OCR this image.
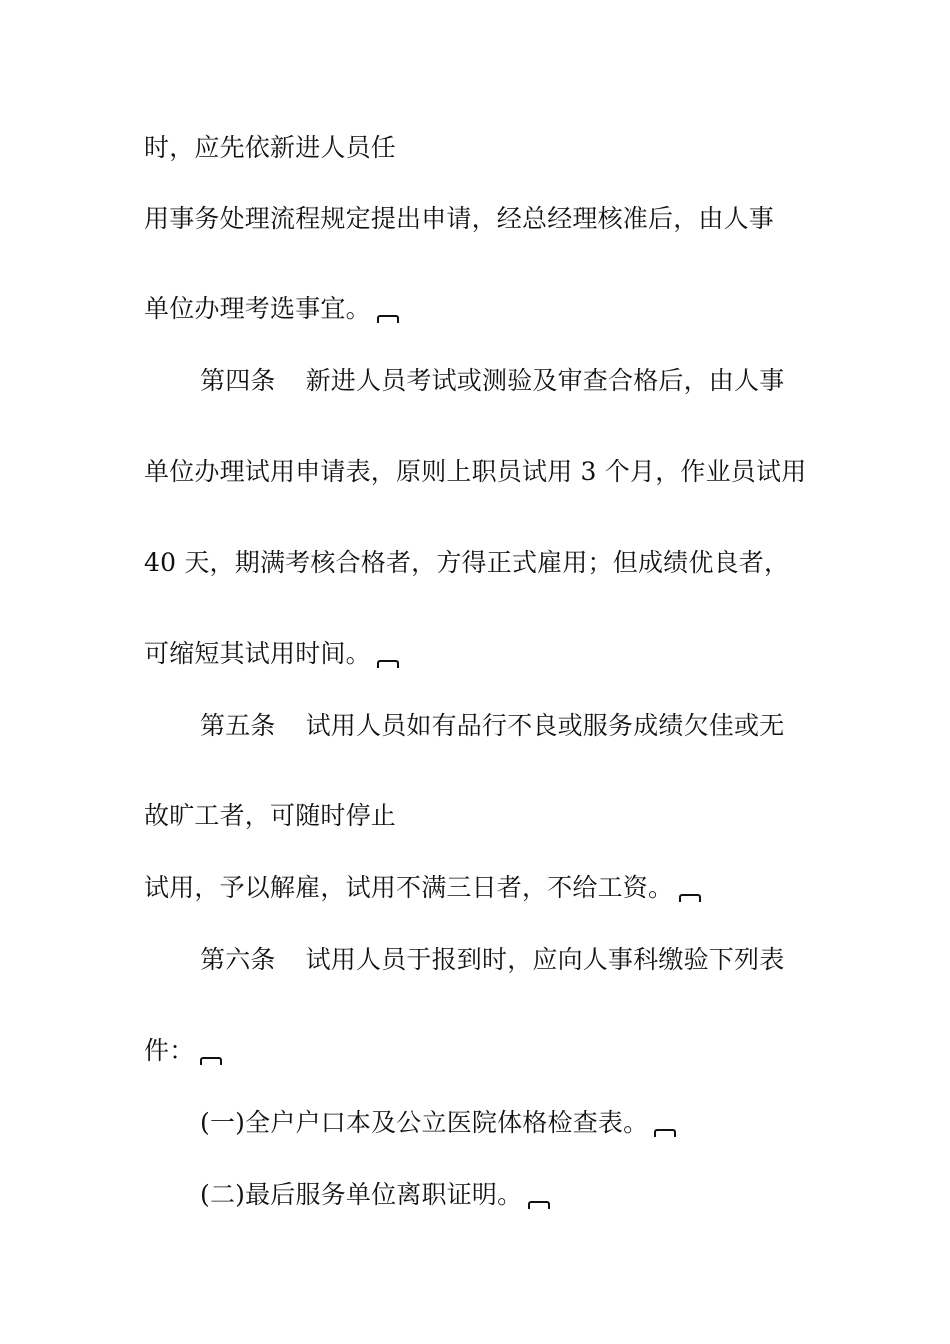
时，应先依新进人员任
用事务处理流程规定提出申请，经总经理核准后，由人事
单位办理考选事宜。
第四条 新进人员考试或测验及审查合格后，由人事
单位办理试用申请表，原则上职员试用 3 个月，作业员试用
40 天，期满考核合格者，方得正式雇用；但成绩优良者，
可缩短其试用时间。
第五条 试用人员如有品行不良或服务成绩欠佳或无
故旷工者，可随时停止
试用，予以解雇，试用不满三日者，不给工资。
第六条 试用人员于报到时，应向人事科缴验下列表
件：
(一)全户户口本及公立医院体格检查表。
(二)最后服务单位离职证明。
